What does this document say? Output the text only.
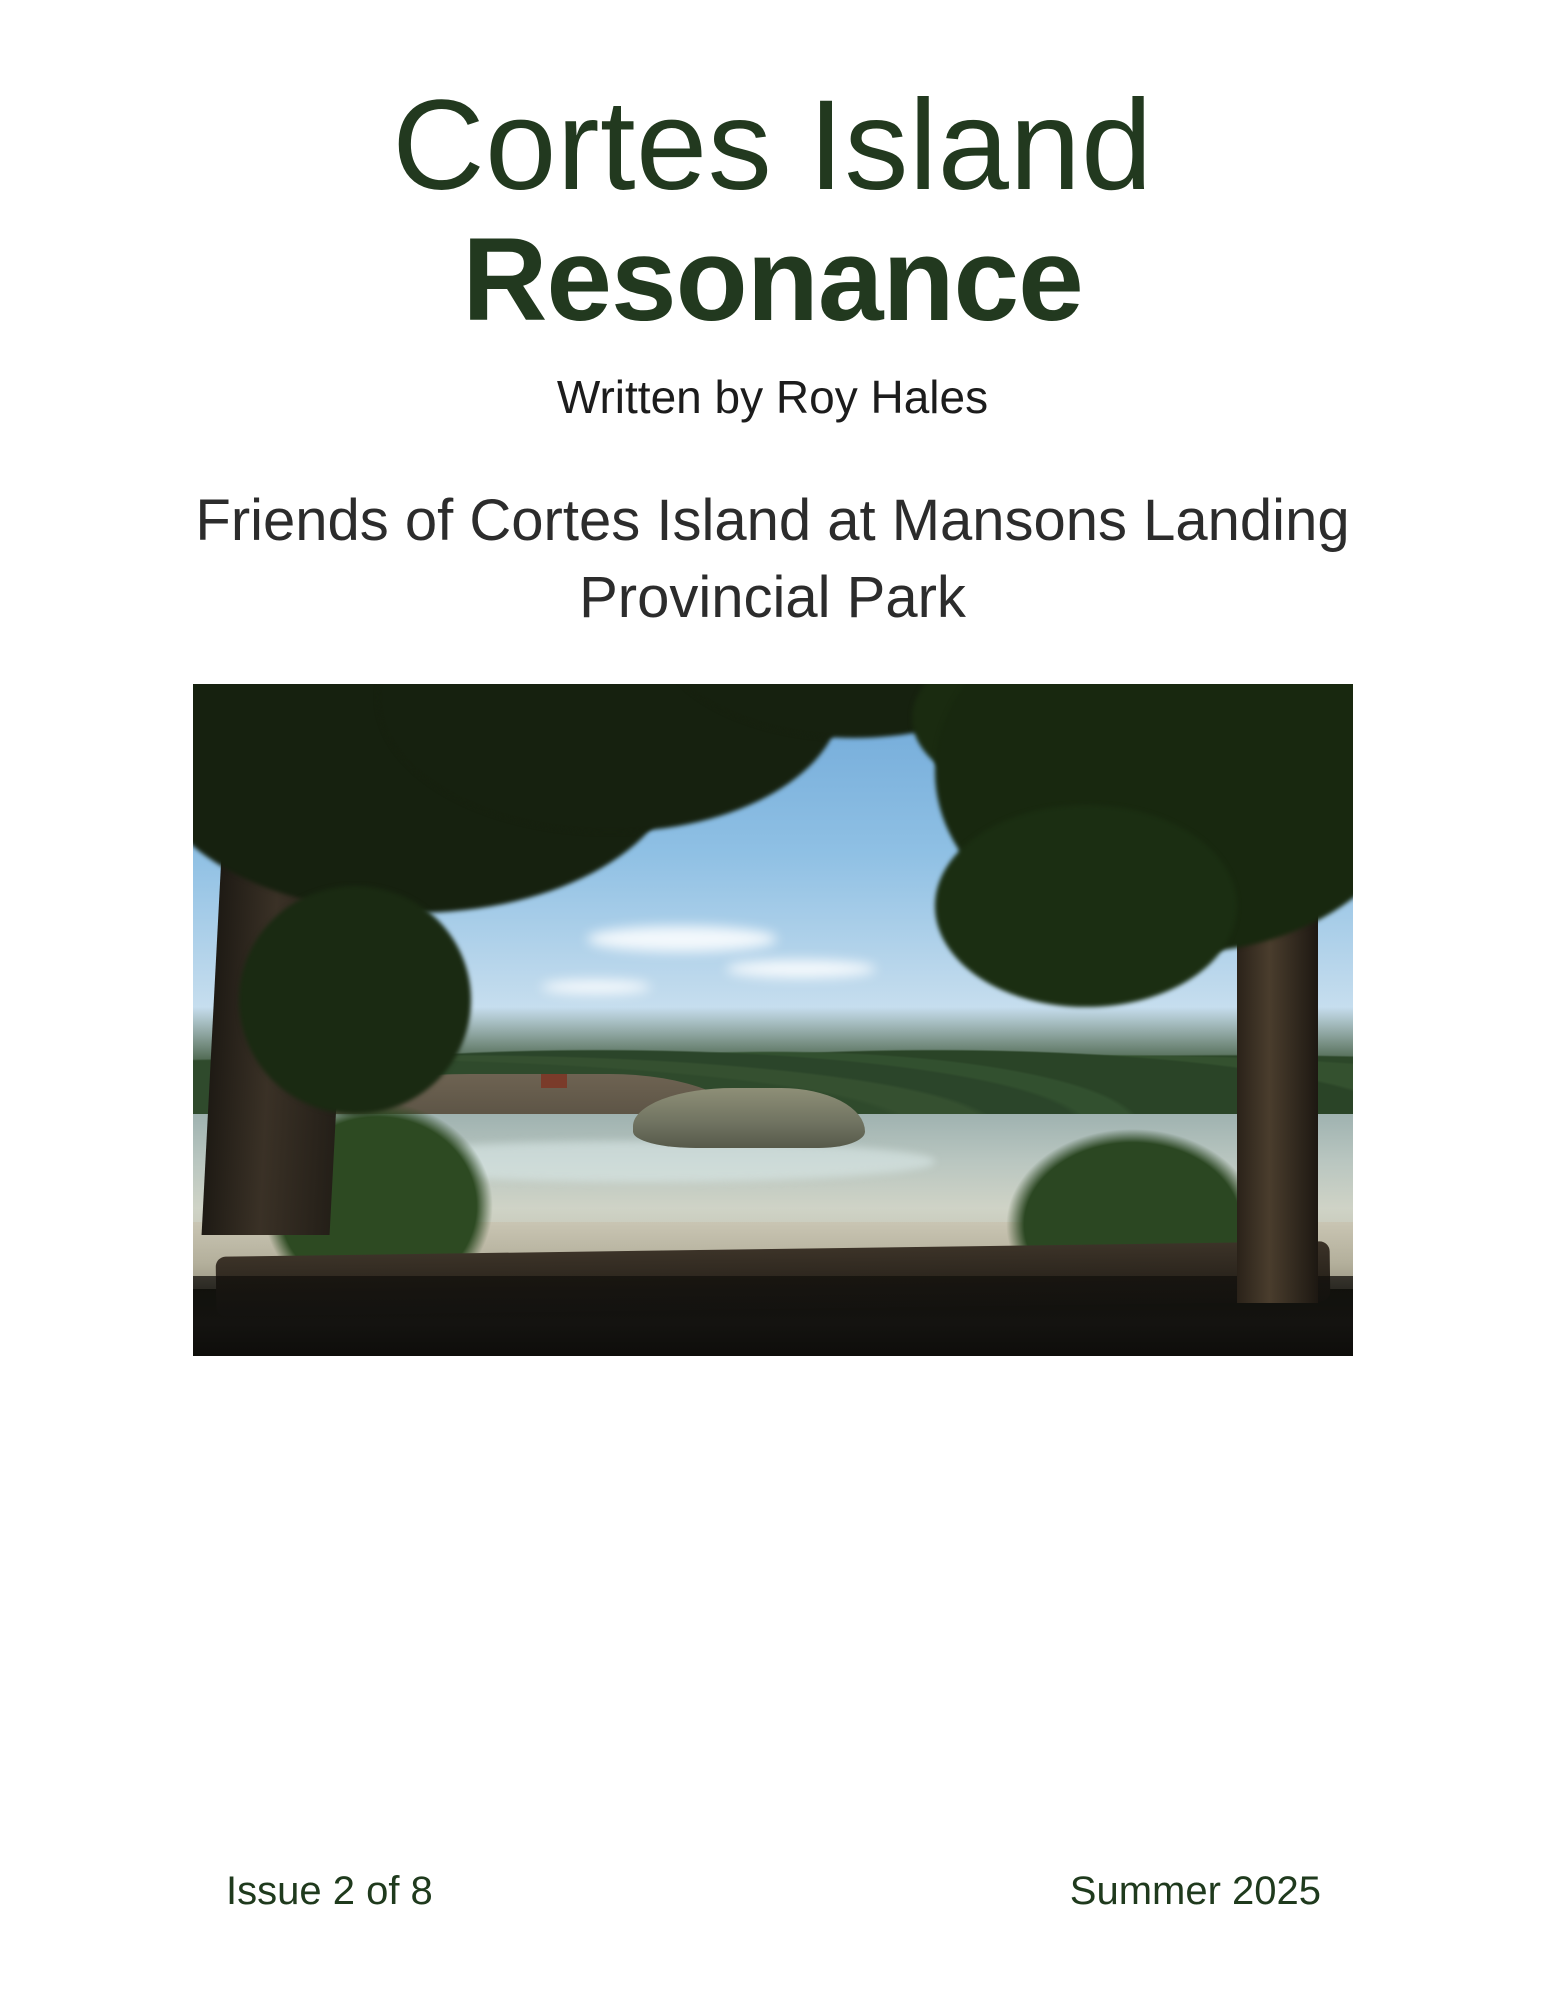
Cortes Island
Resonance
Written by Roy Hales
Friends of Cortes Island at Mansons Landing Provincial Park
Issue 2 of 8	Summer 2025
